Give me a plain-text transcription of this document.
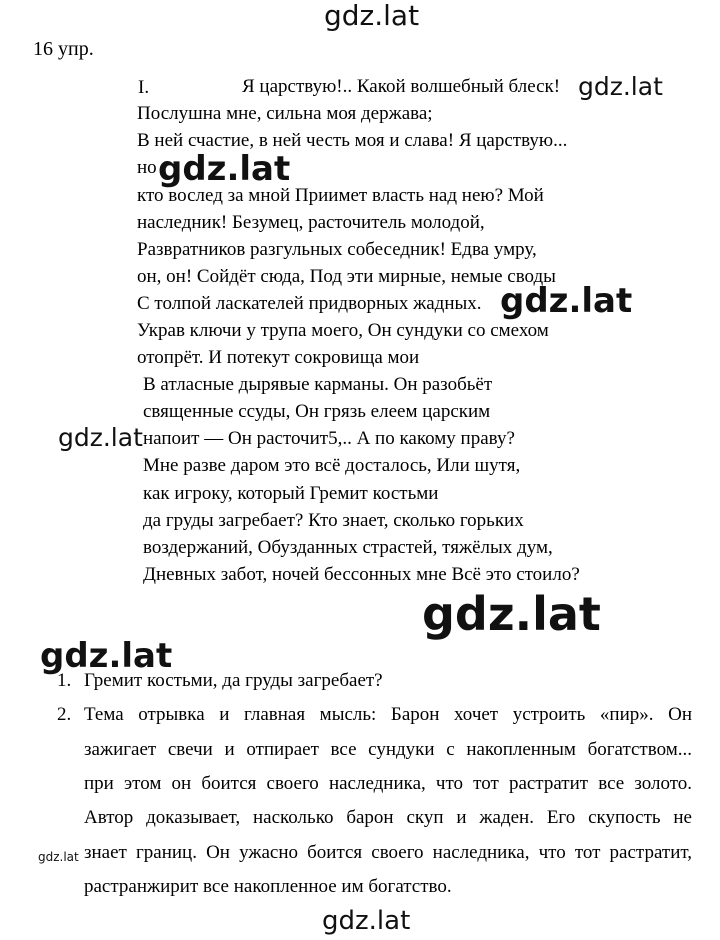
gdz.lat
gdz.lat
gdz.lat
gdz.lat
gdz.lat
gdz.lat
gdz.lat
gdz.lat
gdz.lat
16 упр.
I.	Я царствую!.. Какой волшебный блеск!
Послушна мне, сильна моя держава;
В ней счастие, в ней честь моя и слава! Я царствую...
но
кто вослед за мной Приимет власть над нею? Мой
наследник! Безумец, расточитель молодой,
Развратников разгульных собеседник! Едва умру,
он, он! Сойдёт сюда, Под эти мирные, немые своды
С толпой ласкателей придворных жадных.
Украв ключи у трупа моего, Он сундуки со смехом
отопрёт. И потекут сокровища мои
В атласные дырявые карманы. Он разобьёт
священные ссуды, Он грязь елеем царским
напоит — Он расточит5,.. А по какому праву?
Мне разве даром это всё досталось, Или шутя,
как игроку, который Гремит костьми
да груды загребает? Кто знает, сколько горьких
воздержаний, Обузданных страстей, тяжёлых дум,
Дневных забот, ночей бессонных мне Всё это стоило?
1. Гремит костьми, да груды загребает?
2. Тема отрывка и главная мысль: Барон хочет устроить «пир». Он
зажигает свечи и отпирает все сундуки с накопленным богатством...
при этом он боится своего наследника, что тот растратит все золото.
Автор доказывает, насколько барон скуп и жаден. Его скупость не
знает границ. Он ужасно боится своего наследника, что тот растратит,
растранжирит все накопленное им богатство.
